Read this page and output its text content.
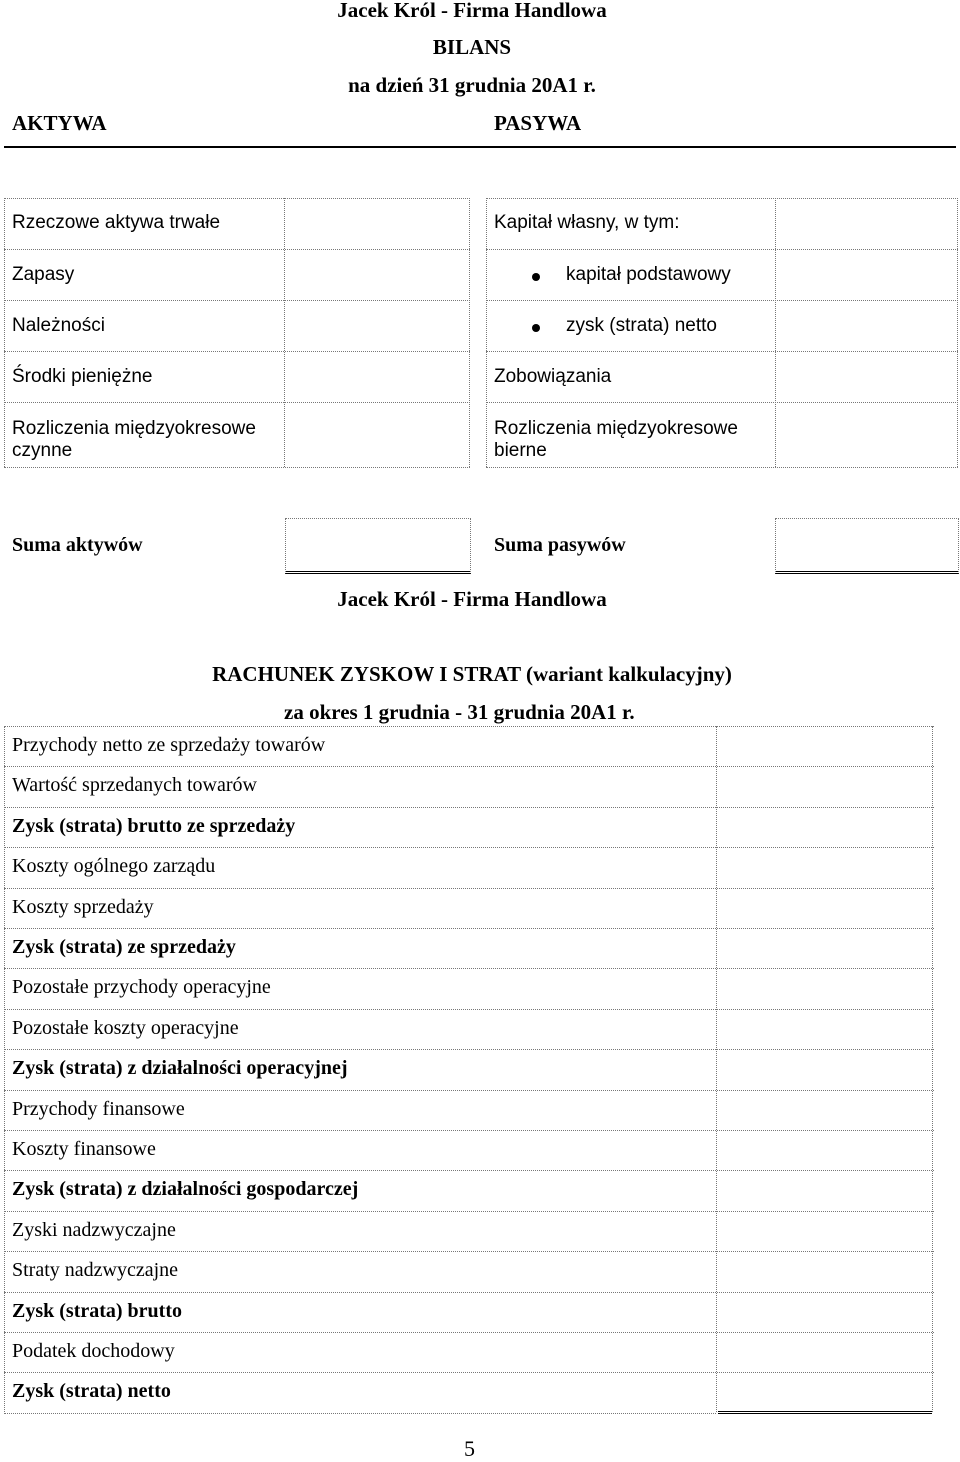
Jacek Król - Firma Handlowa
BILANS
na dzień 31 grudnia 20A1 r.
AKTYWA	PASYWA
Rzeczowe aktywa trwałe
Zapasy
Należności
Środki pieniężne
Rozliczenia międzyokresowe czynne
Kapitał własny, w tym:
kapitał podstawowy
zysk (strata) netto
Zobowiązania
Rozliczenia międzyokresowe bierne
Suma aktywów	Suma pasywów
Jacek Król - Firma Handlowa
RACHUNEK ZYSKOW I STRAT (wariant kalkulacyjny)
za okres 1 grudnia - 31 grudnia 20A1 r.
Przychody netto ze sprzedaży towarów
Wartość sprzedanych towarów
Zysk (strata) brutto ze sprzedaży
Koszty ogólnego zarządu
Koszty sprzedaży
Zysk (strata) ze sprzedaży
Pozostałe przychody operacyjne
Pozostałe koszty operacyjne
Zysk (strata) z działalności operacyjnej
Przychody finansowe
Koszty finansowe
Zysk (strata) z działalności gospodarczej
Zyski nadzwyczajne
Straty nadzwyczajne
Zysk (strata) brutto
Podatek dochodowy
Zysk (strata) netto
5
